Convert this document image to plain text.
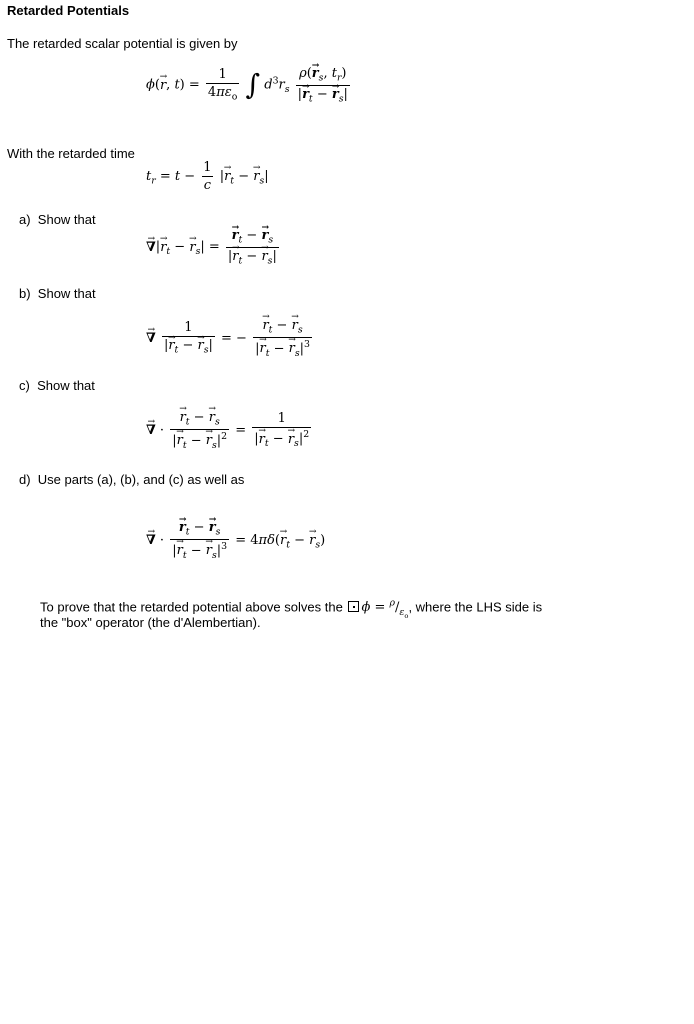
Retarded Potentials
The retarded scalar potential is given by
ϕ(→ r, $t) = \frac{1}{4\pi\varepsilon_o}$ ∫ $d^3r_s \frac{\rho(\to r_s, t_r)}{|\to r_t - \to r_s|}$
With the retarded time
$t_r = t - \frac{1}{c}$ |→ $r_t$ − → $r_s|$
a) Show that
→ ∇|→ $r_t$ − → $r_s|$ = → $\frac{r_t - \to r_s}{|\to r_t - \to r_s|}$
b) Show that
→ ∇ $\frac{1}{|\to r_t - \to r_s|}$ = − → $\frac{r_t - \to r_s}{|\to r_t - \to r_s|^3}$
c) Show that
→ ∇ · → $\frac{r_t - \to r_s}{|\to r_t - \to r_s|^2} = \frac{1}{|\to r_t - \to r_s|^2}$
d) Use parts (a), (b), and (c) as well as
→ ∇ · → $\frac{r_t - \to r_s}{|\to r_t - \to r_s|^3} = 4\pi\delta(\to r_t$ − → $r_s$)
To prove that the retarded potential above solves the $\phi = ^\rho/_{\varepsilon_o}$, where the LHS side is
the "box" operator (the d'Alembertian).
